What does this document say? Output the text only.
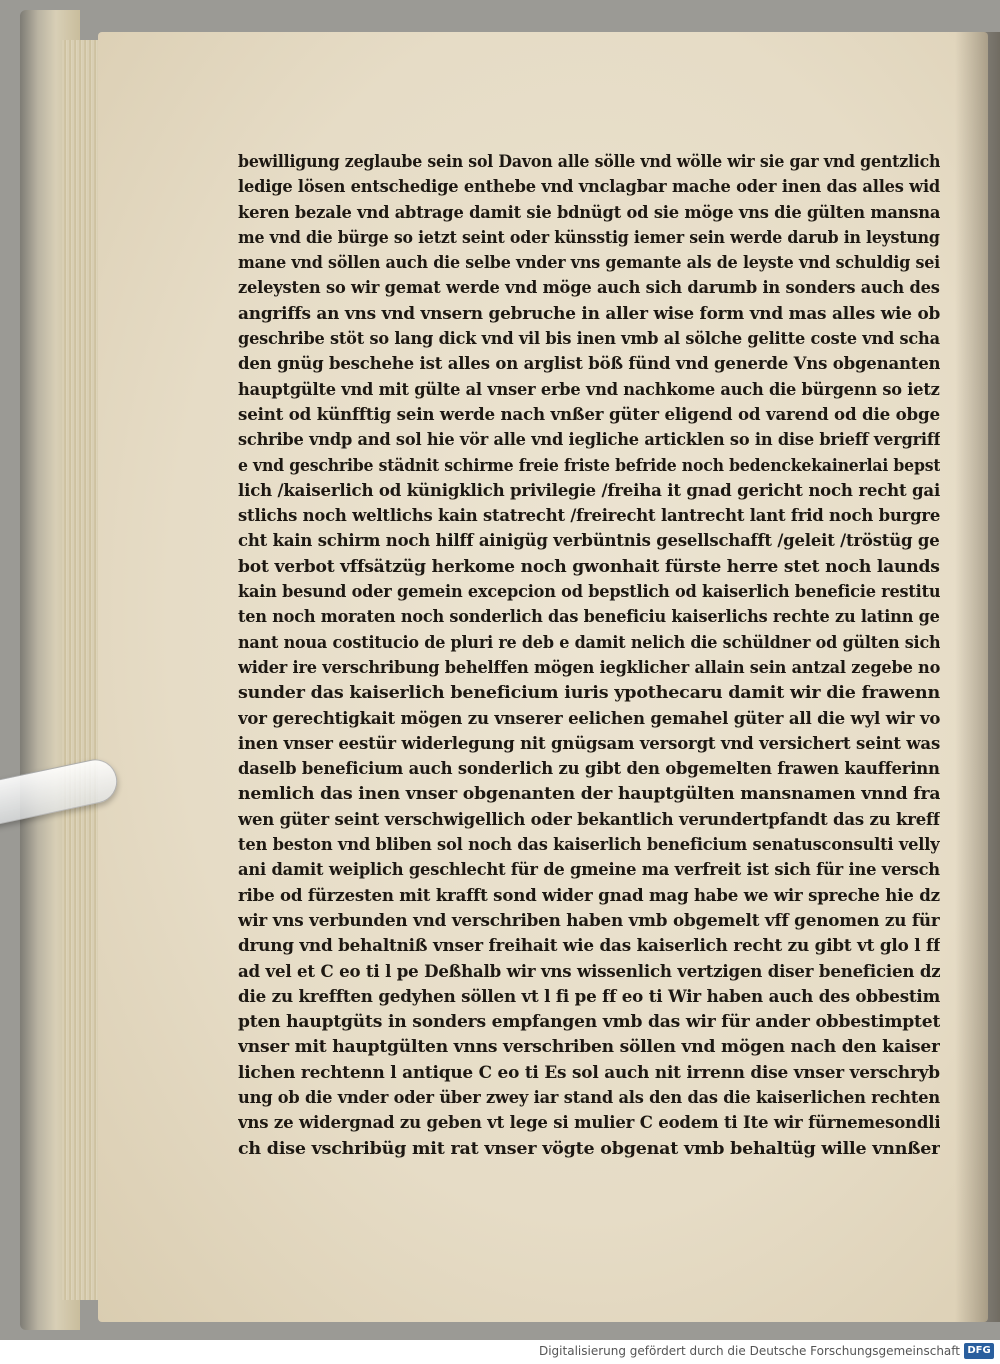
bewilligung zeglaube sein sol Davon alle sölle vnd wölle wir sie gar vnd gentzlich
ledige lösen entschedige enthebe vnd vnclagbar mache oder inen das alles wid
keren bezale vnd abtrage damit sie bdnügt od sie möge vns die gülten mansna
me vnd die bürge so ietzt seint oder künsstig iemer sein werde darub in leystung
mane vnd söllen auch die selbe vnder vns gemante als de leyste vnd schuldig sei
zeleysten so wir gemat werde vnd möge auch sich darumb in sonders auch des
angriffs an vns vnd vnsern gebruche in aller wise form vnd mas alles wie ob
geschribe stöt so lang dick vnd vil bis inen vmb al sölche gelitte coste vnd scha
den gnüg beschehe ist alles on arglist böß fünd vnd generde Vns obgenanten
hauptgülte vnd mit gülte al vnser erbe vnd nachkome auch die bürgenn so ietz
seint od künfftig sein werde nach vnßer güter eligend od varend od die obge
schribe vndp and sol hie vör alle vnd iegliche articklen so in dise brieff vergriff
e vnd geschribe städnit schirme freie friste befride noch bedenckekainerlai bepst
lich /kaiserlich od künigklich privilegie /freiha it gnad gericht noch recht gai
stlichs noch weltlichs kain statrecht /freirecht lantrecht lant frid noch burgre
cht kain schirm noch hilff ainigüg verbüntnis gesellschafft /geleit /tröstüg ge
bot verbot vffsätzüg herkome noch gwonhait fürste herre stet noch launds
kain besund oder gemein excepcion od bepstlich od kaiserlich beneficie restitu
ten noch moraten noch sonderlich das beneficiu kaiserlichs rechte zu latinn ge
nant noua costitucio de pluri re deb e damit nelich die schüldner od gülten sich
wider ire verschribung behelffen mögen iegklicher allain sein antzal zegebe no
sunder das kaiserlich beneficium iuris ypothecaru damit wir die frawenn
vor gerechtigkait mögen zu vnserer eelichen gemahel güter all die wyl wir vo
inen vnser eestür widerlegung nit gnügsam versorgt vnd versichert seint was
daselb beneficium auch sonderlich zu gibt den obgemelten frawen kaufferinn
nemlich das inen vnser obgenanten der hauptgülten mansnamen vnnd fra
wen güter seint verschwigellich oder bekantlich verundertpfandt das zu kreff
ten beston vnd bliben sol noch das kaiserlich beneficium senatusconsulti velly
ani damit weiplich geschlecht für de gmeine ma verfreit ist sich für ine versch
ribe od fürzesten mit krafft sond wider gnad mag habe we wir spreche hie dz
wir vns verbunden vnd verschriben haben vmb obgemelt vff genomen zu für
drung vnd behaltniß vnser freihait wie das kaiserlich recht zu gibt vt glo l ff
ad vel et C eo ti l pe Deßhalb wir vns wissenlich vertzigen diser beneficien dz
die zu krefften gedyhen söllen vt l fi pe ff eo ti Wir haben auch des obbestim
pten hauptgüts in sonders empfangen vmb das wir für ander obbestimptet
vnser mit hauptgülten vnns verschriben söllen vnd mögen nach den kaiser
lichen rechtenn l antique C eo ti Es sol auch nit irrenn dise vnser verschryb
ung ob die vnder oder über zwey iar stand als den das die kaiserlichen rechten
vns ze widergnad zu geben vt lege si mulier C eodem ti Ite wir fürnemesondli
ch dise vschribüg mit rat vnser vögte obgenat vmb behaltüg wille vnnßer
Digitalisierung gefördert durch die Deutsche Forschungsgemeinschaft DFG
